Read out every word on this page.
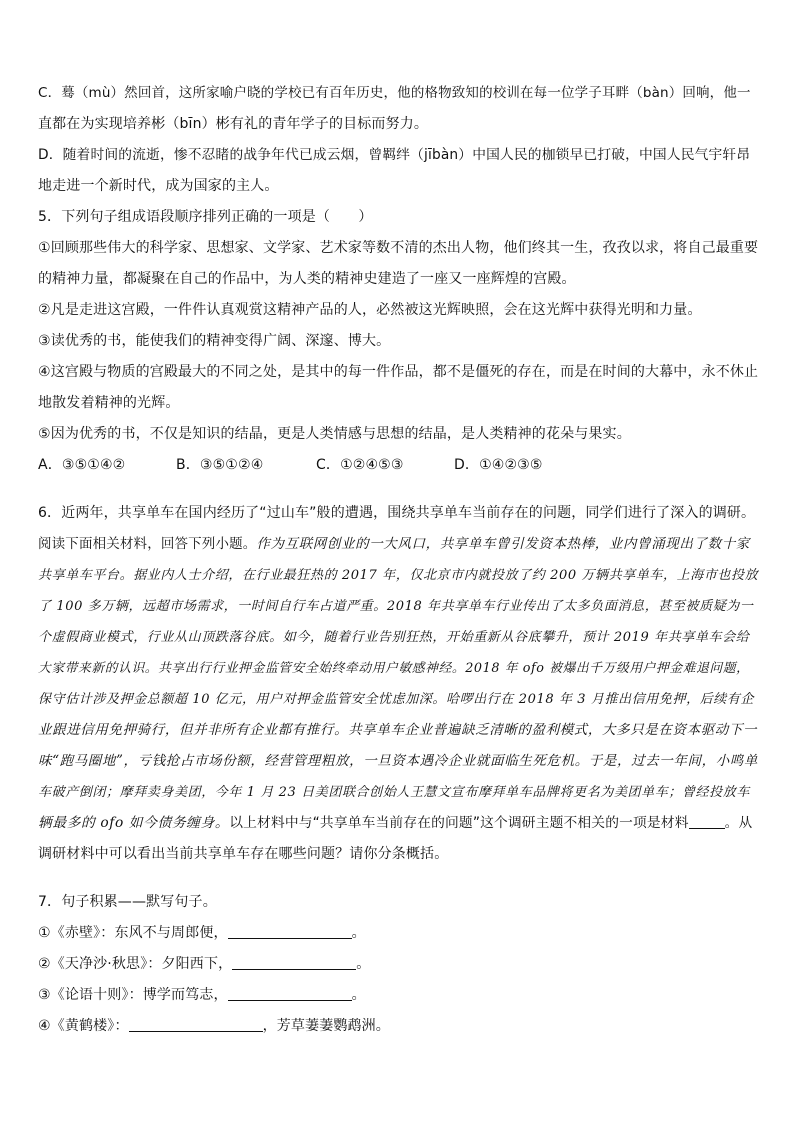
C．蓦（mù）然回首，这所家喻户晓的学校已有百年历史，他的格物致知的校训在每一位学子耳畔（bàn）回响，他一
直都在为实现培养彬（bīn）彬有礼的青年学子的目标而努力。
D．随着时间的流逝，惨不忍睹的战争年代已成云烟，曾羁绊（jībàn）中国人民的枷锁早已打破，中国人民气宇轩昂
地走进一个新时代，成为国家的主人。
5．下列句子组成语段顺序排列正确的一项是（　　）
①回顾那些伟大的科学家、思想家、文学家、艺术家等数不清的杰出人物，他们终其一生，孜孜以求，将自己最重要
的精神力量，都凝聚在自己的作品中，为人类的精神史建造了一座又一座辉煌的宫殿。
②凡是走进这宫殿，一件件认真观赏这精神产品的人，必然被这光辉映照，会在这光辉中获得光明和力量。
③读优秀的书，能使我们的精神变得广阔、深邃、博大。
④这宫殿与物质的宫殿最大的不同之处，是其中的每一件作品，都不是僵死的存在，而是在时间的大幕中，永不休止
地散发着精神的光辉。
⑤因为优秀的书，不仅是知识的结晶，更是人类情感与思想的结晶，是人类精神的花朵与果实。
A．③⑤①④②	B．③⑤①②④	C．①②④⑤③	D．①④②③⑤
6．近两年，共享单车在国内经历了“过山车”般的遭遇，围绕共享单车当前存在的问题，同学们进行了深入的调研。
阅读下面相关材料，回答下列小题。作为互联网创业的一大风口，共享单车曾引发资本热棒，业内曾涌现出了数十家
共享单车平台。据业内人士介绍，在行业最狂热的 2017 年，仅北京市内就投放了约 200 万辆共享单车，上海市也投放
了 100 多万辆，远超市场需求，一时间自行车占道严重。2018 年共享单车行业传出了太多负面消息，甚至被质疑为一
个虚假商业模式，行业从山顶跌落谷底。如今，随着行业告别狂热，开始重新从谷底攀升，预计 2019 年共享单车会给
大家带来新的认识。共享出行行业押金监管安全始终牵动用户敏感神经。2018 年 ofo 被爆出千万级用户押金难退问题，
保守估计涉及押金总额超 10 亿元，用户对押金监管安全忧虑加深。哈啰出行在 2018 年 3 月推出信用免押，后续有企
业跟进信用免押骑行，但并非所有企业都有推行。共享单车企业普遍缺乏清晰的盈利模式，大多只是在资本驱动下一
味“跑马圈地”，亏钱抢占市场份额，经营管理粗放，一旦资本遇冷企业就面临生死危机。于是，过去一年间，小鸣单
车破产倒闭；摩拜卖身美团，今年 1 月 23 日美团联合创始人王慧文宣布摩拜单车品牌将更名为美团单车；曾经投放车
辆最多的 ofo 如今债务缠身。以上材料中与“共享单车当前存在的问题”这个调研主题不相关的一项是材料	。从
调研材料中可以看出当前共享单车存在哪些问题？请你分条概括。
7．句子积累——默写句子。
①《赤壁》：东风不与周郎便，	。
②《天净沙·秋思》：夕阳西下，	。
③《论语十则》：博学而笃志，	。
④《黄鹤楼》：	，芳草萋萋鹦鹉洲。
